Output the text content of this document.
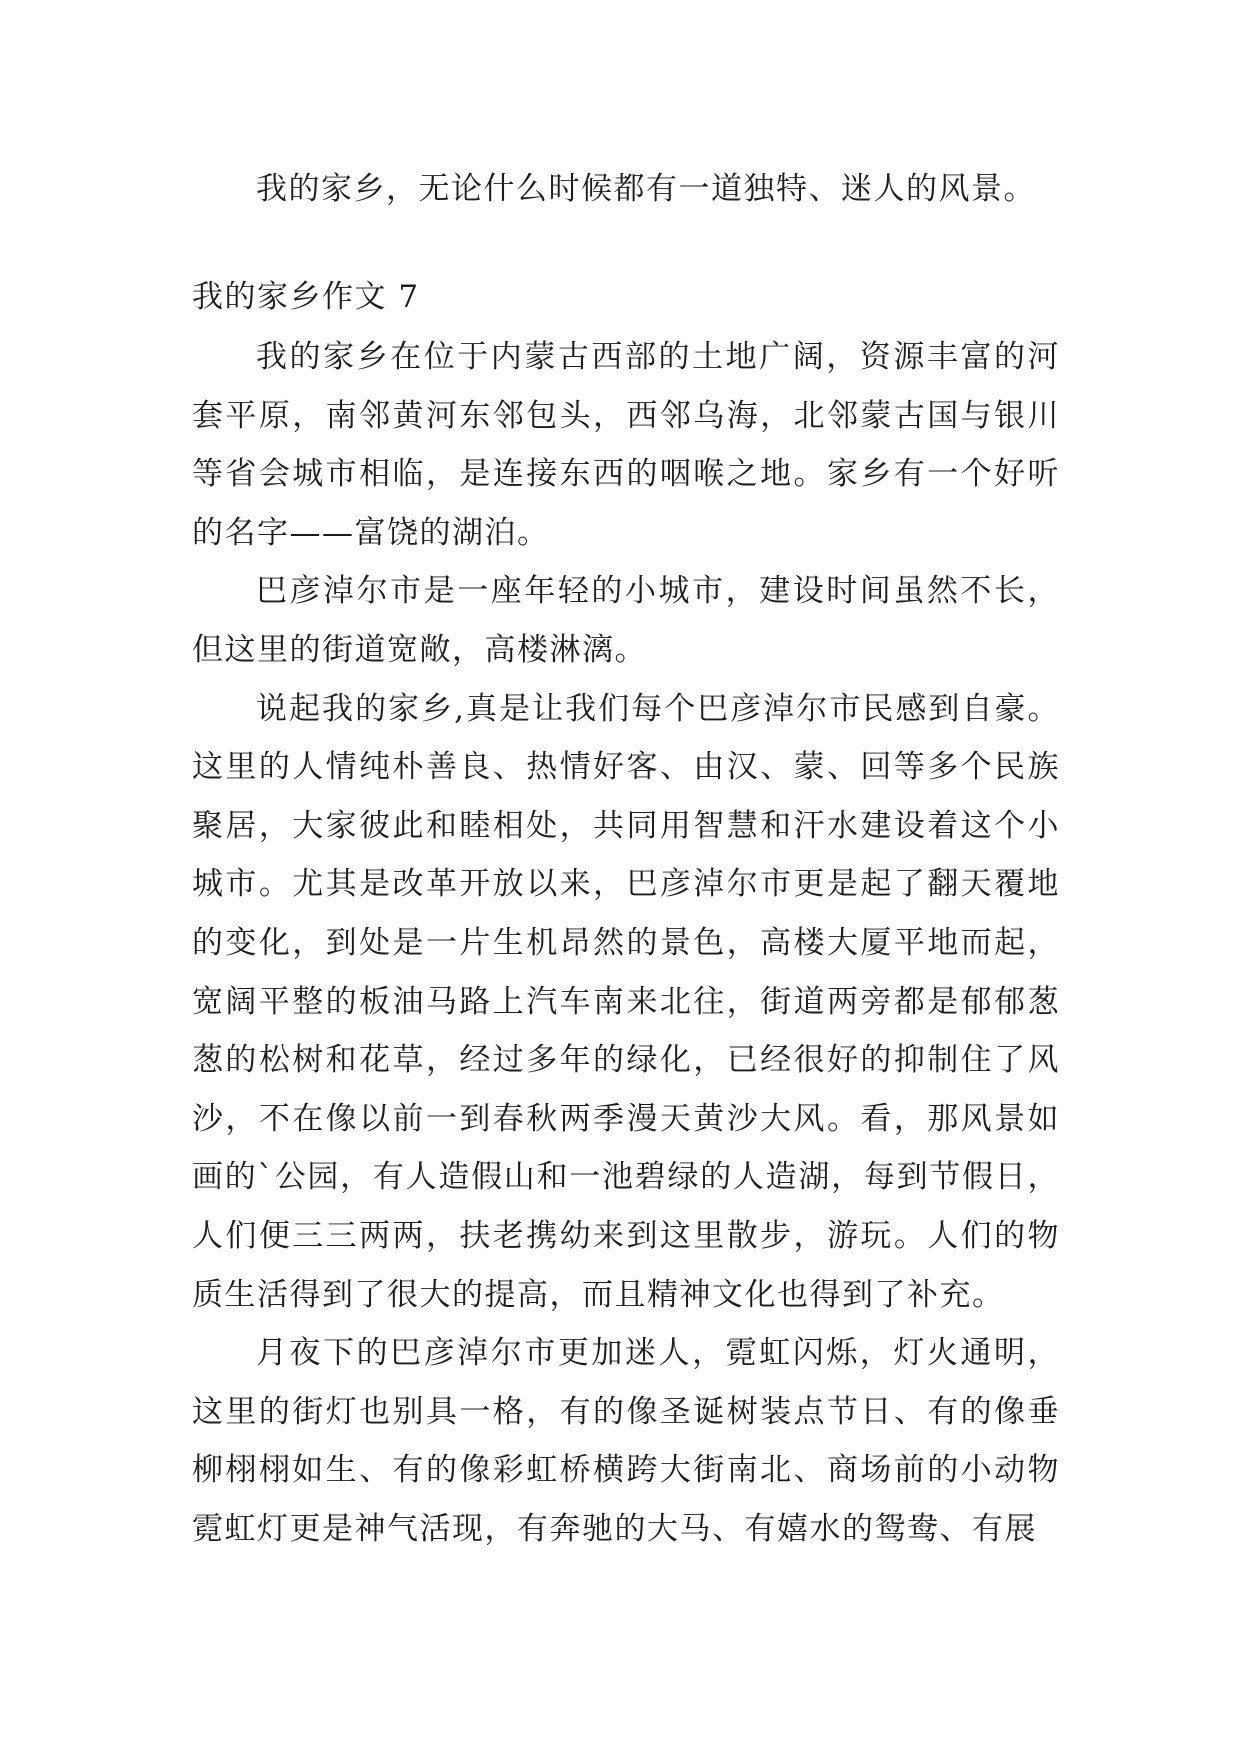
我的家乡，无论什么时候都有一道独特、迷人的风景。

我的家乡作文 7

我的家乡在位于内蒙古西部的土地广阔，资源丰富的河套平原，南邻黄河东邻包头，西邻乌海，北邻蒙古国与银川等省会城市相临，是连接东西的咽喉之地。家乡有一个好听的名字——富饶的湖泊。

巴彦淖尔市是一座年轻的小城市，建设时间虽然不长，但这里的街道宽敞，高楼淋漓。

说起我的家乡,真是让我们每个巴彦淖尔市民感到自豪。这里的人情纯朴善良、热情好客、由汉、蒙、回等多个民族聚居，大家彼此和睦相处，共同用智慧和汗水建设着这个小城市。尤其是改革开放以来，巴彦淖尔市更是起了翻天覆地的变化，到处是一片生机昂然的景色，高楼大厦平地而起，宽阔平整的板油马路上汽车南来北往，街道两旁都是郁郁葱葱的松树和花草，经过多年的绿化，已经很好的抑制住了风沙，不在像以前一到春秋两季漫天黄沙大风。看，那风景如画的`公园，有人造假山和一池碧绿的人造湖，每到节假日，人们便三三两两，扶老携幼来到这里散步，游玩。人们的物质生活得到了很大的提高，而且精神文化也得到了补充。

月夜下的巴彦淖尔市更加迷人，霓虹闪烁，灯火通明，这里的街灯也别具一格，有的像圣诞树装点节日、有的像垂柳栩栩如生、有的像彩虹桥横跨大街南北、商场前的小动物霓虹灯更是神气活现，有奔驰的大马、有嬉水的鸳鸯、有展
